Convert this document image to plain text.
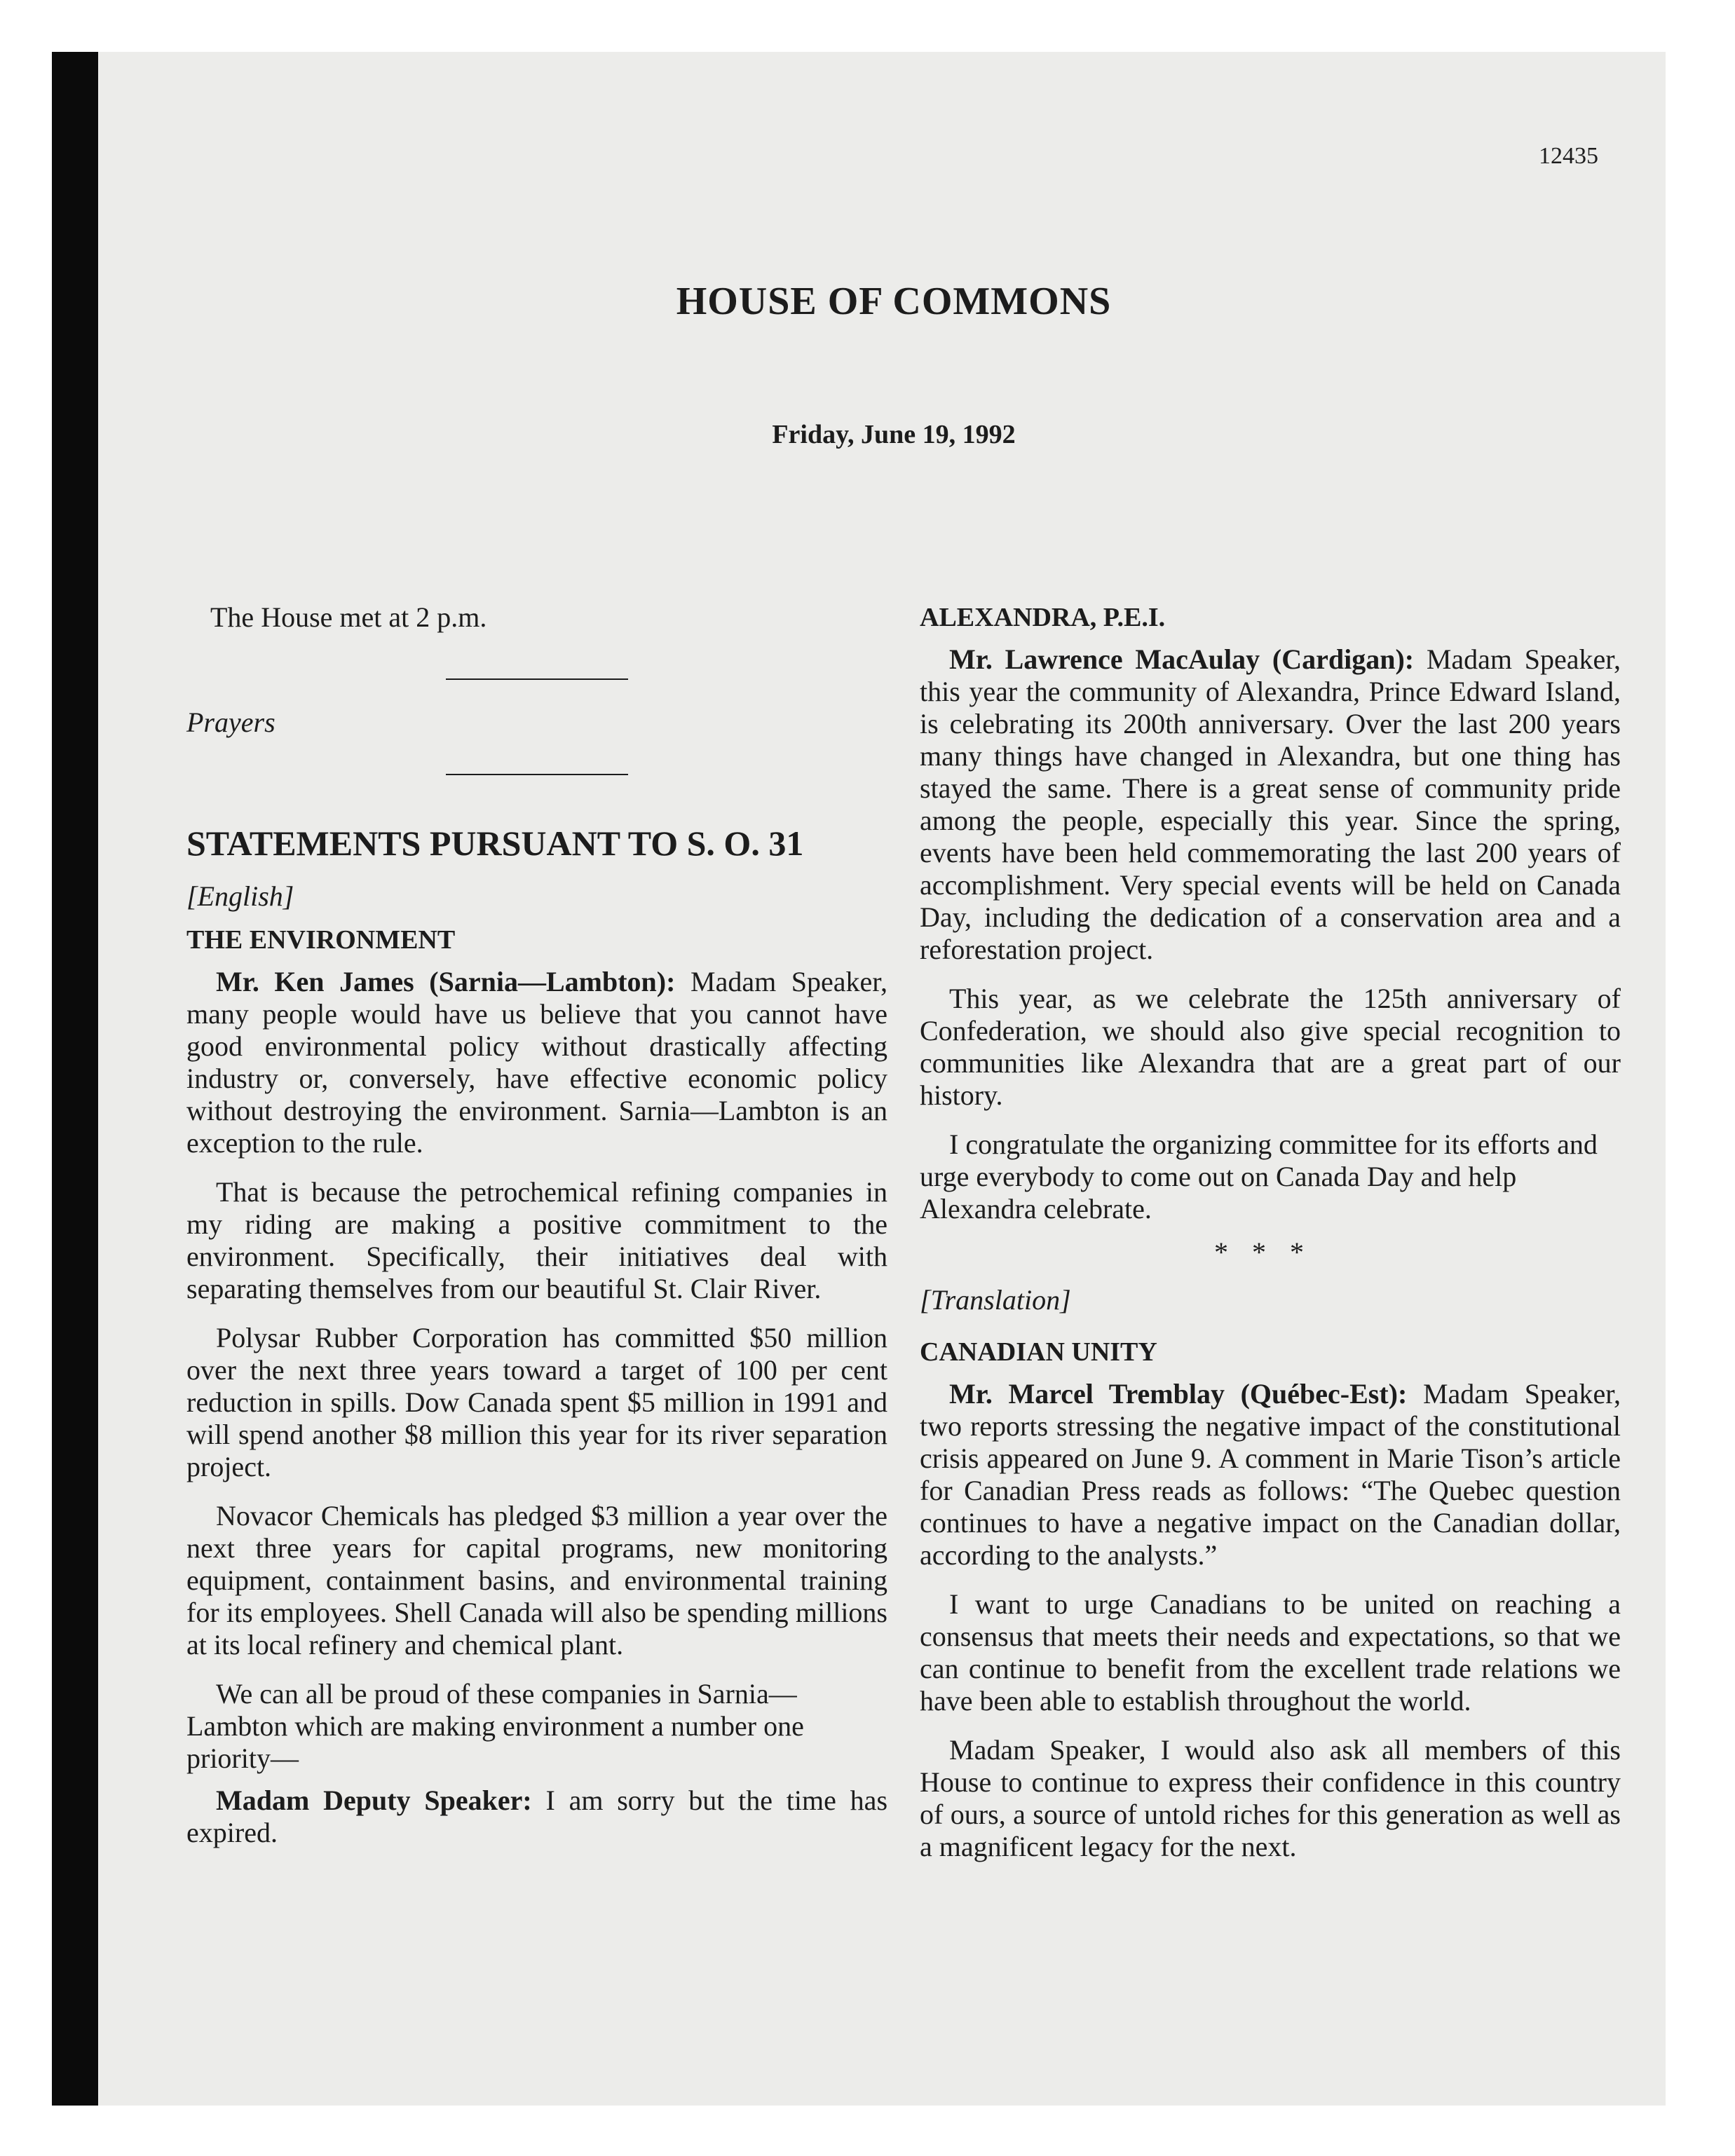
12435
HOUSE OF COMMONS
Friday, June 19, 1992

The House met at 2 p.m.

Prayers

STATEMENTS PURSUANT TO S. O. 31

[English]

THE ENVIRONMENT

Mr. Ken James (Sarnia—Lambton): Madam Speaker, many people would have us believe that you cannot have good environmental policy without drastically affecting industry or, conversely, have effective economic policy without destroying the environment. Sarnia—Lambton is an exception to the rule.

That is because the petrochemical refining companies in my riding are making a positive commitment to the environment. Specifically, their initiatives deal with separating themselves from our beautiful St. Clair River.

Polysar Rubber Corporation has committed $50 million over the next three years toward a target of 100 per cent reduction in spills. Dow Canada spent $5 million in 1991 and will spend another $8 million this year for its river separation project.

Novacor Chemicals has pledged $3 million a year over the next three years for capital programs, new monitoring equipment, containment basins, and environmental training for its employees. Shell Canada will also be spending millions at its local refinery and chemical plant.

We can all be proud of these companies in Sarnia—Lambton which are making environment a number one priority—

Madam Deputy Speaker: I am sorry but the time has expired.

ALEXANDRA, P.E.I.

Mr. Lawrence MacAulay (Cardigan): Madam Speaker, this year the community of Alexandra, Prince Edward Island, is celebrating its 200th anniversary. Over the last 200 years many things have changed in Alexandra, but one thing has stayed the same. There is a great sense of community pride among the people, especially this year. Since the spring, events have been held commemorating the last 200 years of accomplishment. Very special events will be held on Canada Day, including the dedication of a conservation area and a reforestation project.

This year, as we celebrate the 125th anniversary of Confederation, we should also give special recognition to communities like Alexandra that are a great part of our history.

I congratulate the organizing committee for its efforts and urge everybody to come out on Canada Day and help Alexandra celebrate.

* * *

[Translation]

CANADIAN UNITY

Mr. Marcel Tremblay (Québec-Est): Madam Speaker, two reports stressing the negative impact of the constitutional crisis appeared on June 9. A comment in Marie Tison’s article for Canadian Press reads as follows: “The Quebec question continues to have a negative impact on the Canadian dollar, according to the analysts.”

I want to urge Canadians to be united on reaching a consensus that meets their needs and expectations, so that we can continue to benefit from the excellent trade relations we have been able to establish throughout the world.

Madam Speaker, I would also ask all members of this House to continue to express their confidence in this country of ours, a source of untold riches for this generation as well as a magnificent legacy for the next.
